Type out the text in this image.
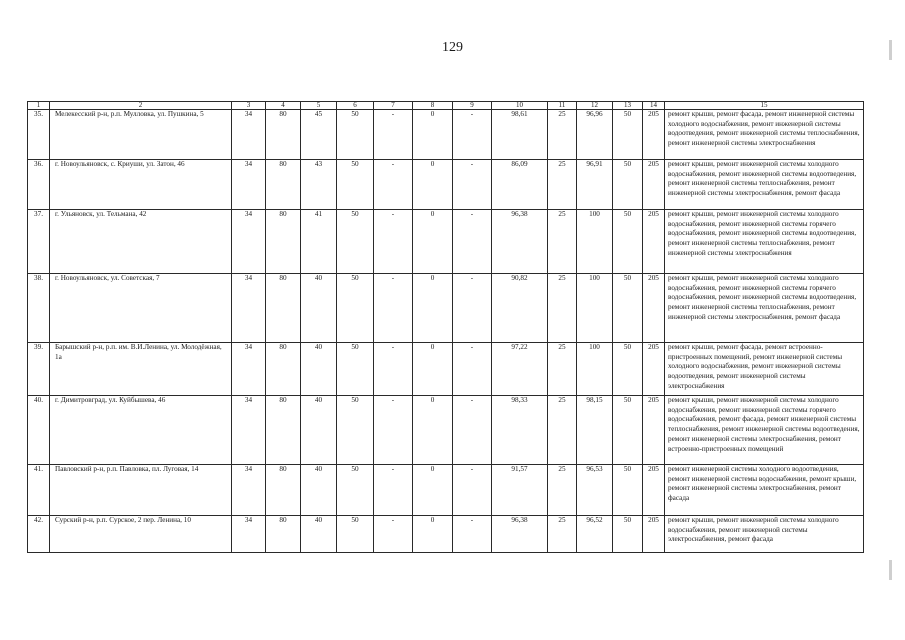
129
1	2	3	4	5	6	7	8	9	10	11	12	13	14	15
35.	Мелекесский р-н, р.п. Мулловка, ул. Пушкина, 5	34	80	45	50	-	0	-	98,61	25	96,96	50	205	ремонт крыши, ремонт фасада, ремонт инженерной системы холодного водоснабжения, ремонт инженерной системы водоотведения, ремонт инженерной системы теплоснабжения, ремонт инженерной системы электроснабжения
36.	г. Новоульяновск, с. Криуши, ул. Затон, 46	34	80	43	50	-	0	-	86,09	25	96,91	50	205	ремонт крыши, ремонт инженерной системы холодного водоснабжения, ремонт инженерной системы водоотведения, ремонт инженерной системы теплоснабжения, ремонт инженерной системы электроснабжения, ремонт фасада
37.	г. Ульяновск, ул. Тельмана, 42	34	80	41	50	-	0	-	96,38	25	100	50	205	ремонт крыши, ремонт инженерной системы холодного водоснабжения, ремонт инженерной системы горячего водоснабжения, ремонт инженерной системы водоотведения, ремонт инженерной системы теплоснабжения, ремонт инженерной системы электроснабжения
38.	г. Новоульяновск, ул. Советская, 7	34	80	40	50	-	0	-	90,82	25	100	50	205	ремонт крыши, ремонт инженерной системы холодного водоснабжения, ремонт инженерной системы горячего водоснабжения, ремонт инженерной системы водоотведения, ремонт инженерной системы теплоснабжения, ремонт инженерной системы электроснабжения, ремонт фасада
39.	Барышский р-н, р.п. им. В.И.Ленина, ул. Молодёжная, 1а	34	80	40	50	-	0	-	97,22	25	100	50	205	ремонт крыши, ремонт фасада, ремонт встроенно-пристроенных помещений, ремонт инженерной системы холодного водоснабжения, ремонт инженерной системы водоотведения, ремонт инженерной системы электроснабжения
40.	г. Димитровград, ул. Куйбышева, 46	34	80	40	50	-	0	-	98,33	25	98,15	50	205	ремонт крыши, ремонт инженерной системы холодного водоснабжения, ремонт инженерной системы горячего водоснабжения, ремонт фасада, ремонт инженерной системы теплоснабжения, ремонт инженерной системы водоотведения, ремонт инженерной системы электроснабжения, ремонт встроенно-пристроенных помещений
41.	Павловский р-н, р.п. Павловка, пл. Луговая, 14	34	80	40	50	-	0	-	91,57	25	96,53	50	205	ремонт инженерной системы холодного водоотведения, ремонт инженерной системы водоснабжения, ремонт крыши, ремонт инженерной системы электроснабжения, ремонт фасада
42.	Сурский р-н, р.п. Сурское, 2 пер. Ленина, 10	34	80	40	50	-	0	-	96,38	25	96,52	50	205	ремонт крыши, ремонт инженерной системы холодного водоснабжения, ремонт инженерной системы электроснабжения, ремонт фасада
